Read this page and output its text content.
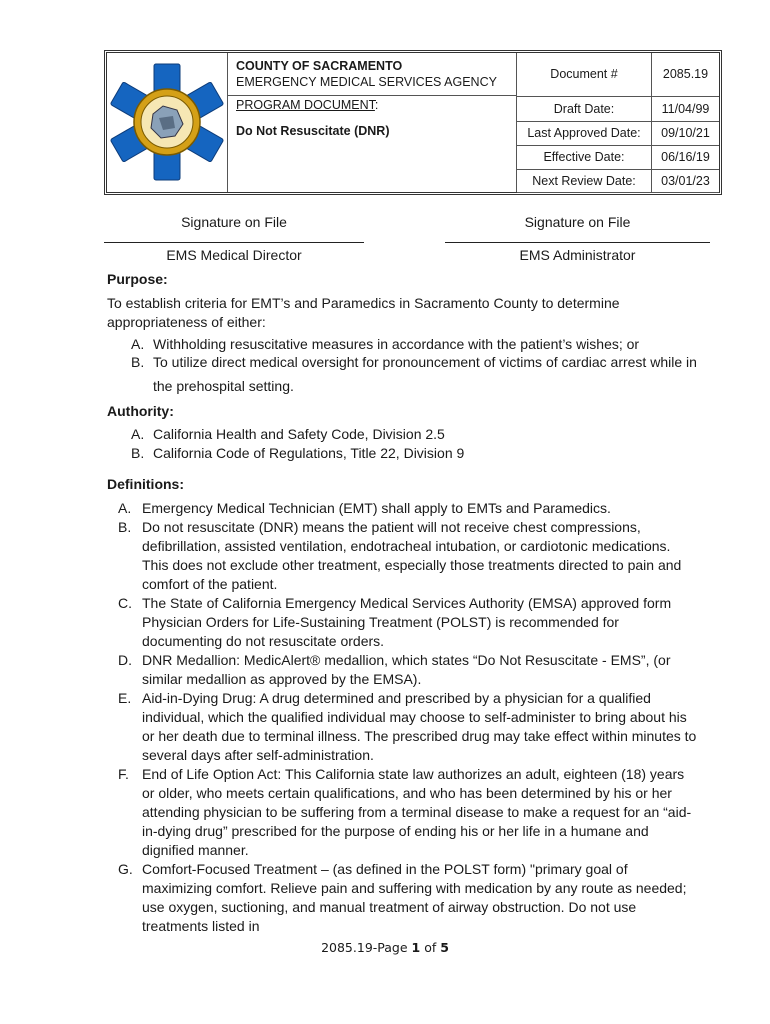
COUNTY OF SACRAMENTO
EMERGENCY MEDICAL SERVICES AGENCY
PROGRAM DOCUMENT:
Do Not Resuscitate (DNR)
Document #	2085.19
Draft Date:	11/04/99
Last Approved Date:	09/10/21
Effective Date:	06/16/19
Next Review Date:	03/01/23
Signature on File
EMS Medical Director
Signature on File
EMS Administrator
Purpose:
To establish criteria for EMT’s and Paramedics in Sacramento County to determine appropriateness of either:
A. Withholding resuscitative measures in accordance with the patient’s wishes; or
B. To utilize direct medical oversight for pronouncement of victims of cardiac arrest while in the prehospital setting.
Authority:
A. California Health and Safety Code, Division 2.5
B. California Code of Regulations, Title 22, Division 9
Definitions:
A. Emergency Medical Technician (EMT) shall apply to EMTs and Paramedics.
B. Do not resuscitate (DNR) means the patient will not receive chest compressions, defibrillation, assisted ventilation, endotracheal intubation, or cardiotonic medications. This does not exclude other treatment, especially those treatments directed to pain and comfort of the patient.
C. The State of California Emergency Medical Services Authority (EMSA) approved form Physician Orders for Life-Sustaining Treatment (POLST) is recommended for documenting do not resuscitate orders.
D. DNR Medallion: MedicAlert® medallion, which states “Do Not Resuscitate - EMS”, (or similar medallion as approved by the EMSA).
E. Aid-in-Dying Drug: A drug determined and prescribed by a physician for a qualified individual, which the qualified individual may choose to self-administer to bring about his or her death due to terminal illness. The prescribed drug may take effect within minutes to several days after self-administration.
F. End of Life Option Act: This California state law authorizes an adult, eighteen (18) years or older, who meets certain qualifications, and who has been determined by his or her attending physician to be suffering from a terminal disease to make a request for an “aid-in-dying drug” prescribed for the purpose of ending his or her life in a humane and dignified manner.
G. Comfort-Focused Treatment – (as defined in the POLST form) "primary goal of maximizing comfort. Relieve pain and suffering with medication by any route as needed; use oxygen, suctioning, and manual treatment of airway obstruction. Do not use treatments listed in
2085.19-Page 1 of 5
